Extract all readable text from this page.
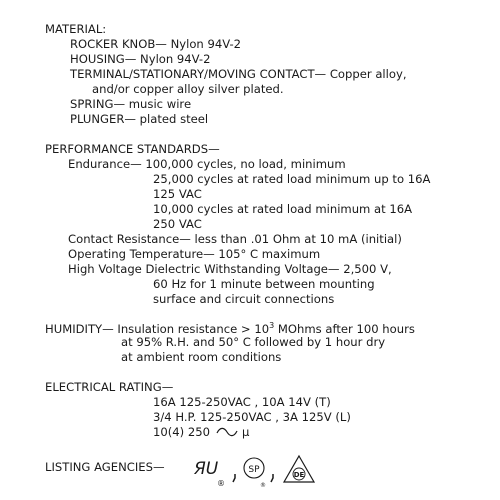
MATERIAL:
ROCKER KNOB— Nylon 94V-2
HOUSING— Nylon 94V-2
TERMINAL/STATIONARY/MOVING CONTACT— Copper alloy,
and/or copper alloy silver plated.
SPRING— music wire
PLUNGER— plated steel
PERFORMANCE STANDARDS—
Endurance— 100,000 cycles, no load, minimum
25,000 cycles at rated load minimum up to 16A
125 VAC
10,000 cycles at rated load minimum at 16A
250 VAC
Contact Resistance— less than .01 Ohm at 10 mA (initial)
Operating Temperature— 105° C maximum
High Voltage Dielectric Withstanding Voltage— 2,500 V,
60 Hz for 1 minute between mounting
surface and circuit connections
HUMIDITY— Insulation resistance > $10^3$ MOhms after 100 hours
at 95% R.H. and 50° C followed by 1 hour dry
at ambient room conditions
ELECTRICAL RATING—
16A 125-250VAC , 10A 14V (T)
3/4 H.P. 125-250VAC , 3A 125V (L)
10(4) 250	μ
LISTING AGENCIES— ЯU
®
SP
®
DE
